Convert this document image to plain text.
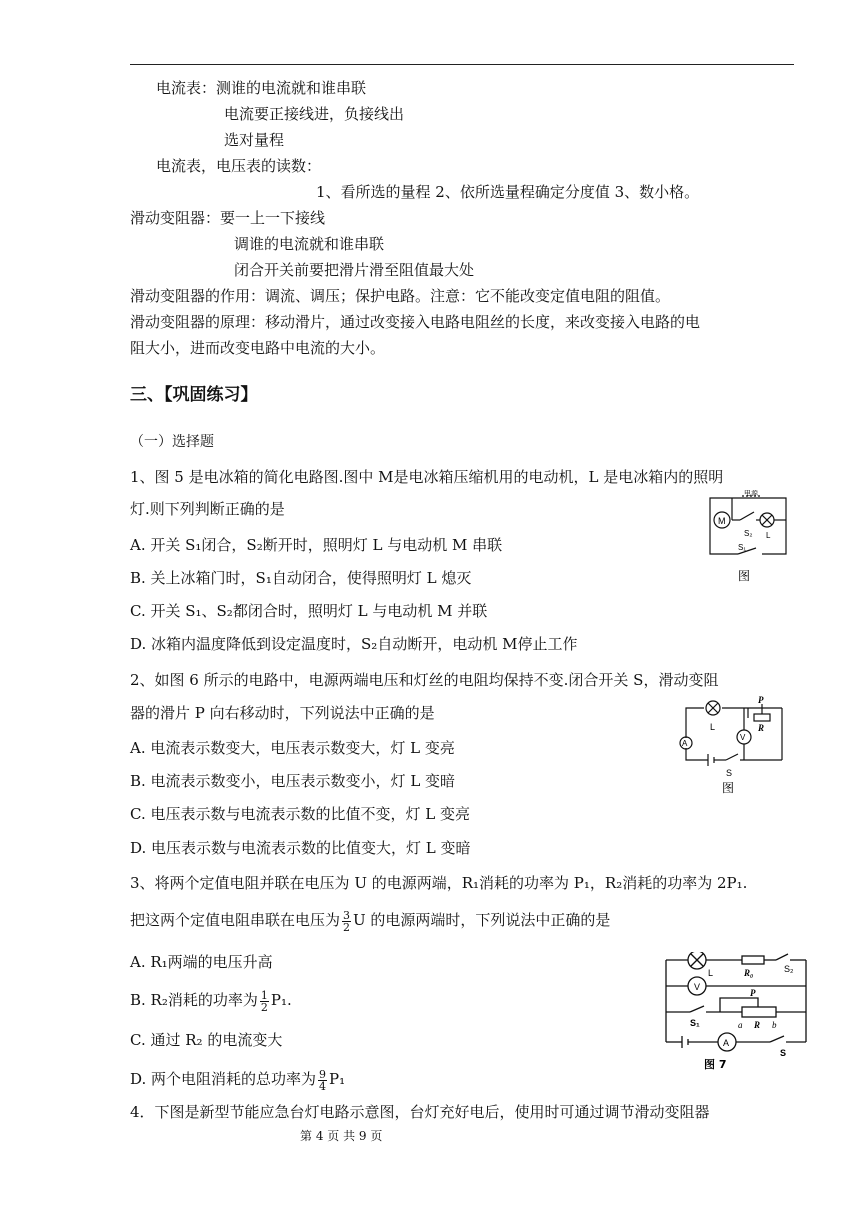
电流表：测谁的电流就和谁串联
电流要正接线进，负接线出
选对量程
电流表，电压表的读数：
1、看所选的量程 2、依所选量程确定分度值 3、数小格。
滑动变阻器：要一上一下接线
调谁的电流就和谁串联
闭合开关前要把滑片滑至阻值最大处
滑动变阻器的作用：调流、调压；保护电路。注意：它不能改变定值电阻的阻值。
滑动变阻器的原理：移动滑片，通过改变接入电路电阻丝的长度，来改变接入电路的电
阻大小，进而改变电路中电流的大小。
三、【巩固练习】
（一）选择题
1、图 5 是电冰箱的简化电路图.图中 M是电冰箱压缩机用的电动机，L 是电冰箱内的照明
灯.则下列判断正确的是
A. 开关 S₁闭合，S₂断开时，照明灯 L 与电动机 M 串联
B. 关上冰箱门时，S₁自动闭合，使得照明灯 L 熄灭
C. 开关 S₁、S₂都闭合时，照明灯 L 与电动机 M 并联
D. 冰箱内温度降低到设定温度时，S₂自动断开，电动机 M停止工作
M
电源
S₂ L
S₁
图
2、如图 6 所示的电路中，电源两端电压和灯丝的电阻均保持不变.闭合开关 S，滑动变阻
器的滑片 P 向右移动时，下列说法中正确的是
A. 电流表示数变大，电压表示数变大，灯 L 变亮
B. 电流表示数变小，电压表示数变小，灯 L 变暗
C. 电压表示数与电流表示数的比值不变，灯 L 变亮
D. 电压表示数与电流表示数的比值变大，灯 L 变暗
P
R
L
A
V
S
图
3、将两个定值电阻并联在电压为 U 的电源两端，R₁消耗的功率为 P₁，R₂消耗的功率为 2P₁.
把这两个定值电阻串联在电压为 $\frac{3}{2}$ U 的电源两端时，下列说法中正确的是
A. R₁两端的电压升高
B. R₂消耗的功率为 $\frac{1}{2} P_1$.
C. 通过 R₂ 的电流变大
D. 两个电阻消耗的总功率为 $\frac{9}{4} P_1$
L	R₀	S₂
V
P
S₁	a R b
A
S
图 7
4．下图是新型节能应急台灯电路示意图，台灯充好电后，使用时可通过调节滑动变阻器
第 4 页 共 9 页
